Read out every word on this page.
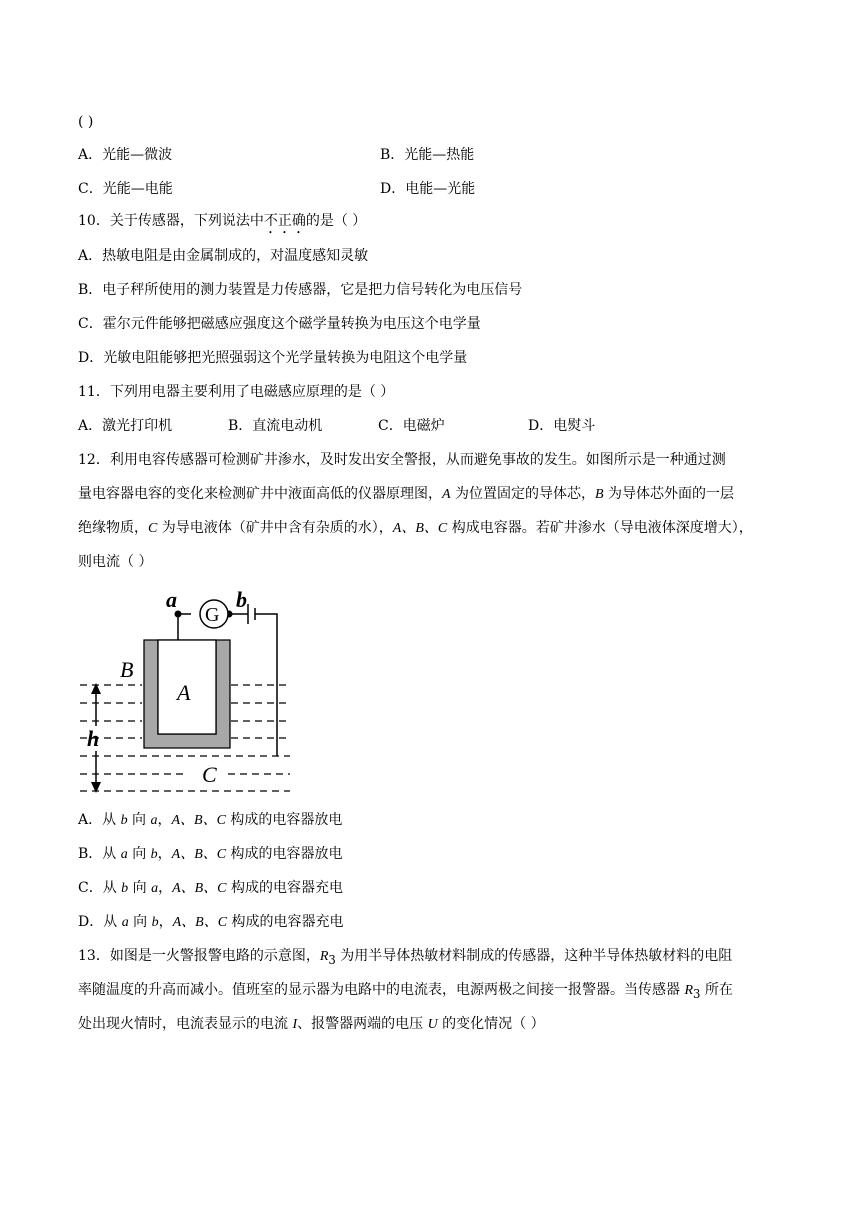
( )
A．光能—微波	B．光能—热能
C．光能—电能	D．电能—光能
10．关于传感器，下列说法中不正确的是（ ）
A．热敏电阻是由金属制成的，对温度感知灵敏
B．电子秤所使用的测力装置是力传感器，它是把力信号转化为电压信号
C．霍尔元件能够把磁感应强度这个磁学量转换为电压这个电学量
D．光敏电阻能够把光照强弱这个光学量转换为电阻这个电学量
11．下列用电器主要利用了电磁感应原理的是（ ）
A．激光打印机	B．直流电动机	C．电磁炉	D．电熨斗
12．利用电容传感器可检测矿井渗水，及时发出安全警报，从而避免事故的发生。如图所示是一种通过测
量电容器电容的变化来检测矿井中液面高低的仪器原理图，A 为位置固定的导体芯，B 为导体芯外面的一层
绝缘物质，C 为导电液体（矿井中含有杂质的水），A、B、C 构成电容器。若矿井渗水（导电液体深度增大），
则电流（ ）
a	b
B
A
h
C
G
A．从 b 向 a，A、B、C 构成的电容器放电
B．从 a 向 b，A、B、C 构成的电容器放电
C．从 b 向 a，A、B、C 构成的电容器充电
D．从 a 向 b，A、B、C 构成的电容器充电
13．如图是一火警报警电路的示意图，$R_3$ 为用半导体热敏材料制成的传感器，这种半导体热敏材料的电阻
率随温度的升高而减小。值班室的显示器为电路中的电流表，电源两极之间接一报警器。当传感器 $R_3$ 所在
处出现火情时，电流表显示的电流 I、报警器两端的电压 U 的变化情况（ ）
